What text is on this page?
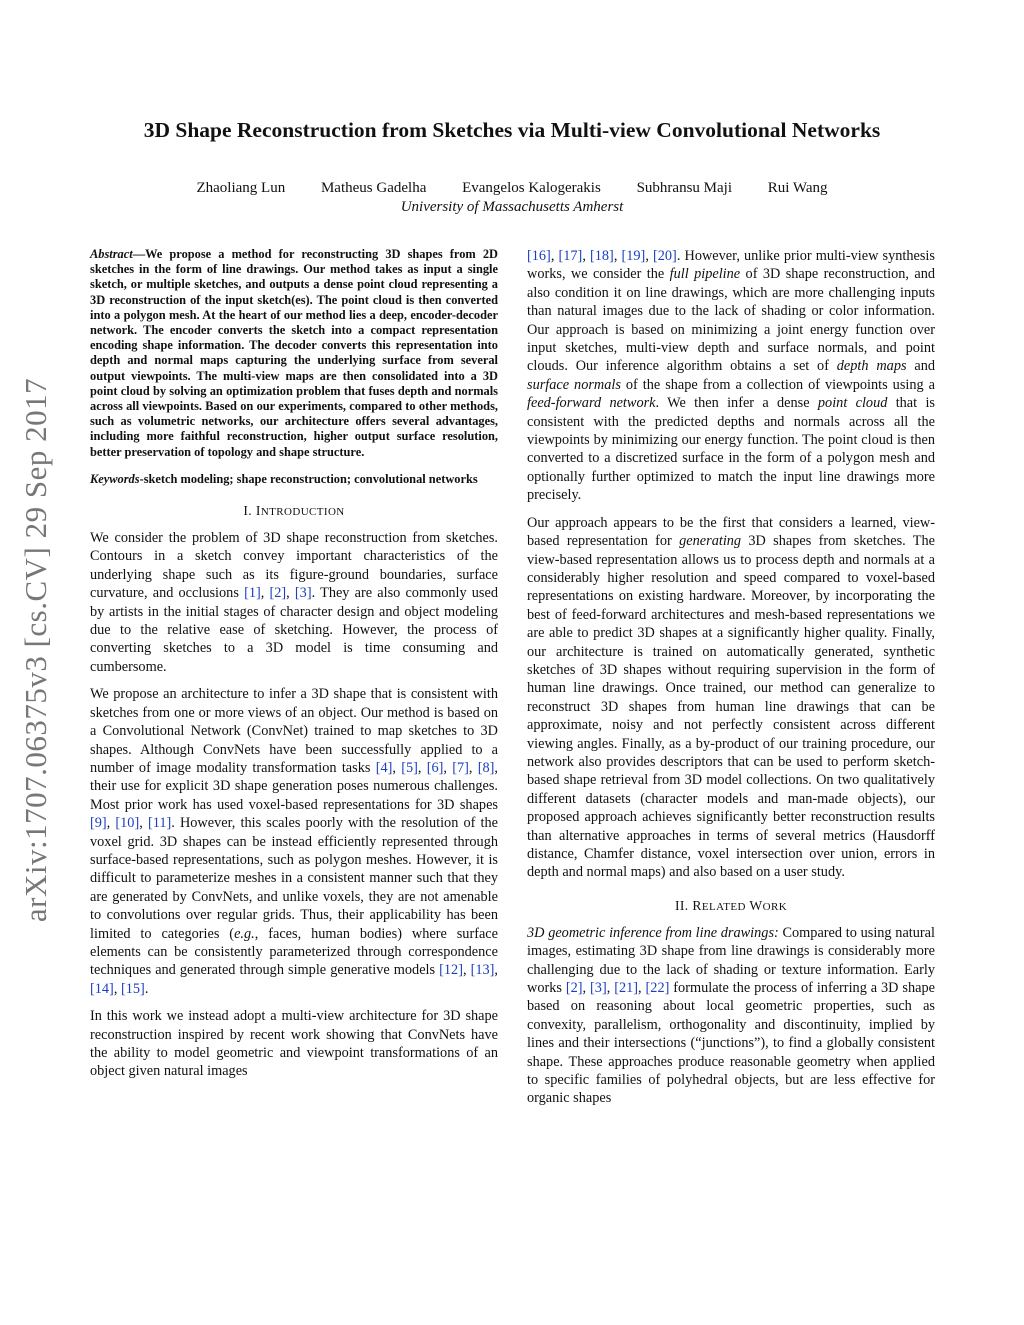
arXiv:1707.06375v3 [cs.CV] 29 Sep 2017
3D Shape Reconstruction from Sketches via Multi-view Convolutional Networks
Zhaoliang Lun Matheus Gadelha Evangelos Kalogerakis Subhransu Maji Rui Wang
University of Massachusetts Amherst

Abstract—We propose a method for reconstructing 3D shapes from 2D sketches in the form of line drawings. Our method takes as input a single sketch, or multiple sketches, and outputs a dense point cloud representing a 3D reconstruction of the input sketch(es). The point cloud is then converted into a polygon mesh. At the heart of our method lies a deep, encoder-decoder network. The encoder converts the sketch into a compact representation encoding shape information. The decoder converts this representation into depth and normal maps capturing the underlying surface from several output viewpoints. The multi-view maps are then consolidated into a 3D point cloud by solving an optimization problem that fuses depth and normals across all viewpoints. Based on our experiments, compared to other methods, such as volumetric networks, our architecture offers several advantages, including more faithful reconstruction, higher output surface resolution, better preservation of topology and shape structure.

Keywords-sketch modeling; shape reconstruction; convolutional networks

I. INTRODUCTION

We consider the problem of 3D shape reconstruction from sketches. Contours in a sketch convey important characteristics of the underlying shape such as its figure-ground boundaries, surface curvature, and occlusions [1], [2], [3]. They are also commonly used by artists in the initial stages of character design and object modeling due to the relative ease of sketching. However, the process of converting sketches to a 3D model is time consuming and cumbersome.

We propose an architecture to infer a 3D shape that is consistent with sketches from one or more views of an object. Our method is based on a Convolutional Network (ConvNet) trained to map sketches to 3D shapes. Although ConvNets have been successfully applied to a number of image modality transformation tasks [4], [5], [6], [7], [8], their use for explicit 3D shape generation poses numerous challenges. Most prior work has used voxel-based representations for 3D shapes [9], [10], [11]. However, this scales poorly with the resolution of the voxel grid. 3D shapes can be instead efficiently represented through surface-based representations, such as polygon meshes. However, it is difficult to parameterize meshes in a consistent manner such that they are generated by ConvNets, and unlike voxels, they are not amenable to convolutions over regular grids. Thus, their applicability has been limited to categories (e.g., faces, human bodies) where surface elements can be consistently parameterized through correspondence techniques and generated through simple generative models [12], [13], [14], [15].

In this work we instead adopt a multi-view architecture for 3D shape reconstruction inspired by recent work showing that ConvNets have the ability to model geometric and viewpoint transformations of an object given natural images

[16], [17], [18], [19], [20]. However, unlike prior multi-view synthesis works, we consider the full pipeline of 3D shape reconstruction, and also condition it on line drawings, which are more challenging inputs than natural images due to the lack of shading or color information. Our approach is based on minimizing a joint energy function over input sketches, multi-view depth and surface normals, and point clouds. Our inference algorithm obtains a set of depth maps and surface normals of the shape from a collection of viewpoints using a feed-forward network. We then infer a dense point cloud that is consistent with the predicted depths and normals across all the viewpoints by minimizing our energy function. The point cloud is then converted to a discretized surface in the form of a polygon mesh and optionally further optimized to match the input line drawings more precisely.

Our approach appears to be the first that considers a learned, view-based representation for generating 3D shapes from sketches. The view-based representation allows us to process depth and normals at a considerably higher resolution and speed compared to voxel-based representations on existing hardware. Moreover, by incorporating the best of feed-forward architectures and mesh-based representations we are able to predict 3D shapes at a significantly higher quality. Finally, our architecture is trained on automatically generated, synthetic sketches of 3D shapes without requiring supervision in the form of human line drawings. Once trained, our method can generalize to reconstruct 3D shapes from human line drawings that can be approximate, noisy and not perfectly consistent across different viewing angles. Finally, as a by-product of our training procedure, our network also provides descriptors that can be used to perform sketch-based shape retrieval from 3D model collections. On two qualitatively different datasets (character models and man-made objects), our proposed approach achieves significantly better reconstruction results than alternative approaches in terms of several metrics (Hausdorff distance, Chamfer distance, voxel intersection over union, errors in depth and normal maps) and also based on a user study.

II. RELATED WORK

3D geometric inference from line drawings: Compared to using natural images, estimating 3D shape from line drawings is considerably more challenging due to the lack of shading or texture information. Early works [2], [3], [21], [22] formulate the process of inferring a 3D shape based on reasoning about local geometric properties, such as convexity, parallelism, orthogonality and discontinuity, implied by lines and their intersections (“junctions”), to find a globally consistent shape. These approaches produce reasonable geometry when applied to specific families of polyhedral objects, but are less effective for organic shapes
